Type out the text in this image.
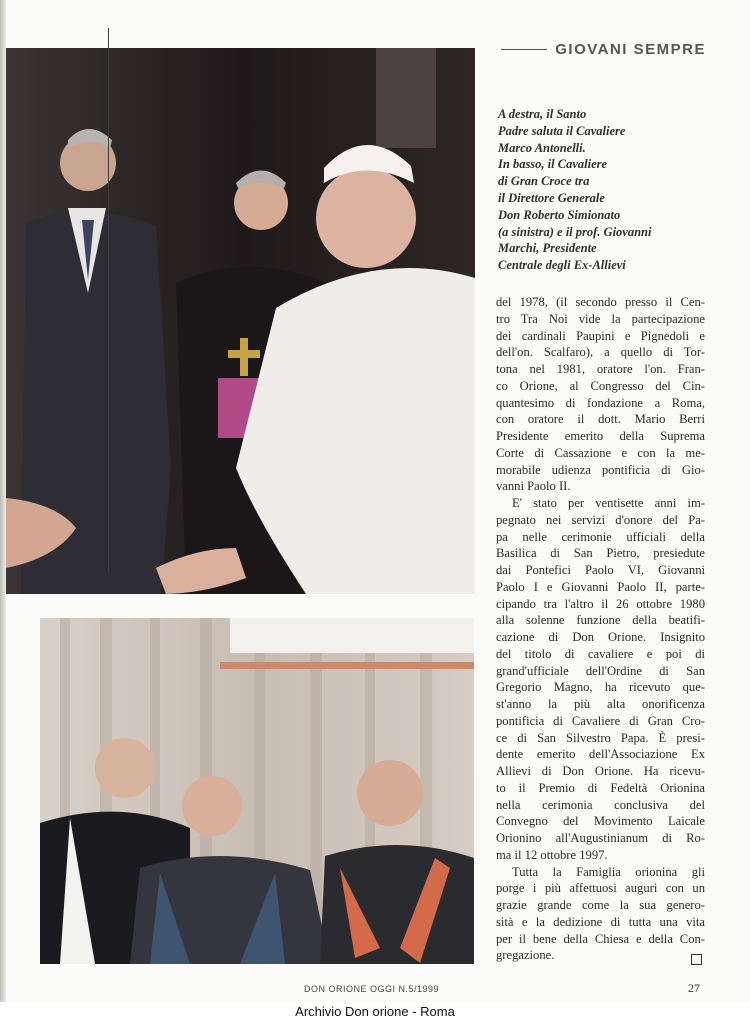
GIOVANI SEMPRE
A destra, il Santo
Padre saluta il Cavaliere
Marco Antonelli.
In basso, il Cavaliere
di Gran Croce tra
il Direttore Generale
Don Roberto Simionato
(a sinistra) e il prof. Giovanni
Marchi, Presidente
Centrale degli Ex-Allievi
del 1978, (il secondo presso il Cen-
tro Tra Noi vide la partecipazione
dei cardinali Paupini e Pignedoli e
dell'on. Scalfaro), a quello di Tor-
tona nel 1981, oratore l'on. Fran-
co Orione, al Congresso del Cin-
quantesimo di fondazione a Roma,
con oratore il dott. Mario Berri
Presidente emerito della Suprema
Corte di Cassazione e con la me-
morabile udienza pontificia di Gio-
vanni Paolo II.
E' stato per ventisette anni im-
pegnato nei servizi d'onore del Pa-
pa nelle cerimonie ufficiali della
Basilica di San Pietro, presiedute
dai Pontefici Paolo VI, Giovanni
Paolo I e Giovanni Paolo II, parte-
cipando tra l'altro il 26 ottobre 1980
alla solenne funzione della beatifi-
cazione di Don Orione. Insignito
del titolo di cavaliere e poi di
grand'ufficiale dell'Ordine di San
Gregorio Magno, ha ricevuto que-
st'anno la più alta onorificenza
pontificia di Cavaliere di Gran Cro-
ce di San Silvestro Papa. È presi-
dente emerito dell'Associazione Ex
Allievi di Don Orione. Ha ricevu-
to il Premio di Fedeltà Orionina
nella cerimonia conclusiva del
Convegno del Movimento Laicale
Orionino all'Augustinianum di Ro-
ma il 12 ottobre 1997.
Tutta la Famiglia orionina gli
porge i più affettuosi auguri con un
grazie grande come la sua genero-
sità e la dedizione di tutta una vita
per il bene della Chiesa e della Con-
gregazione.
DON ORIONE OGGI N.5/1999	27
Archivio Don orione - Roma
